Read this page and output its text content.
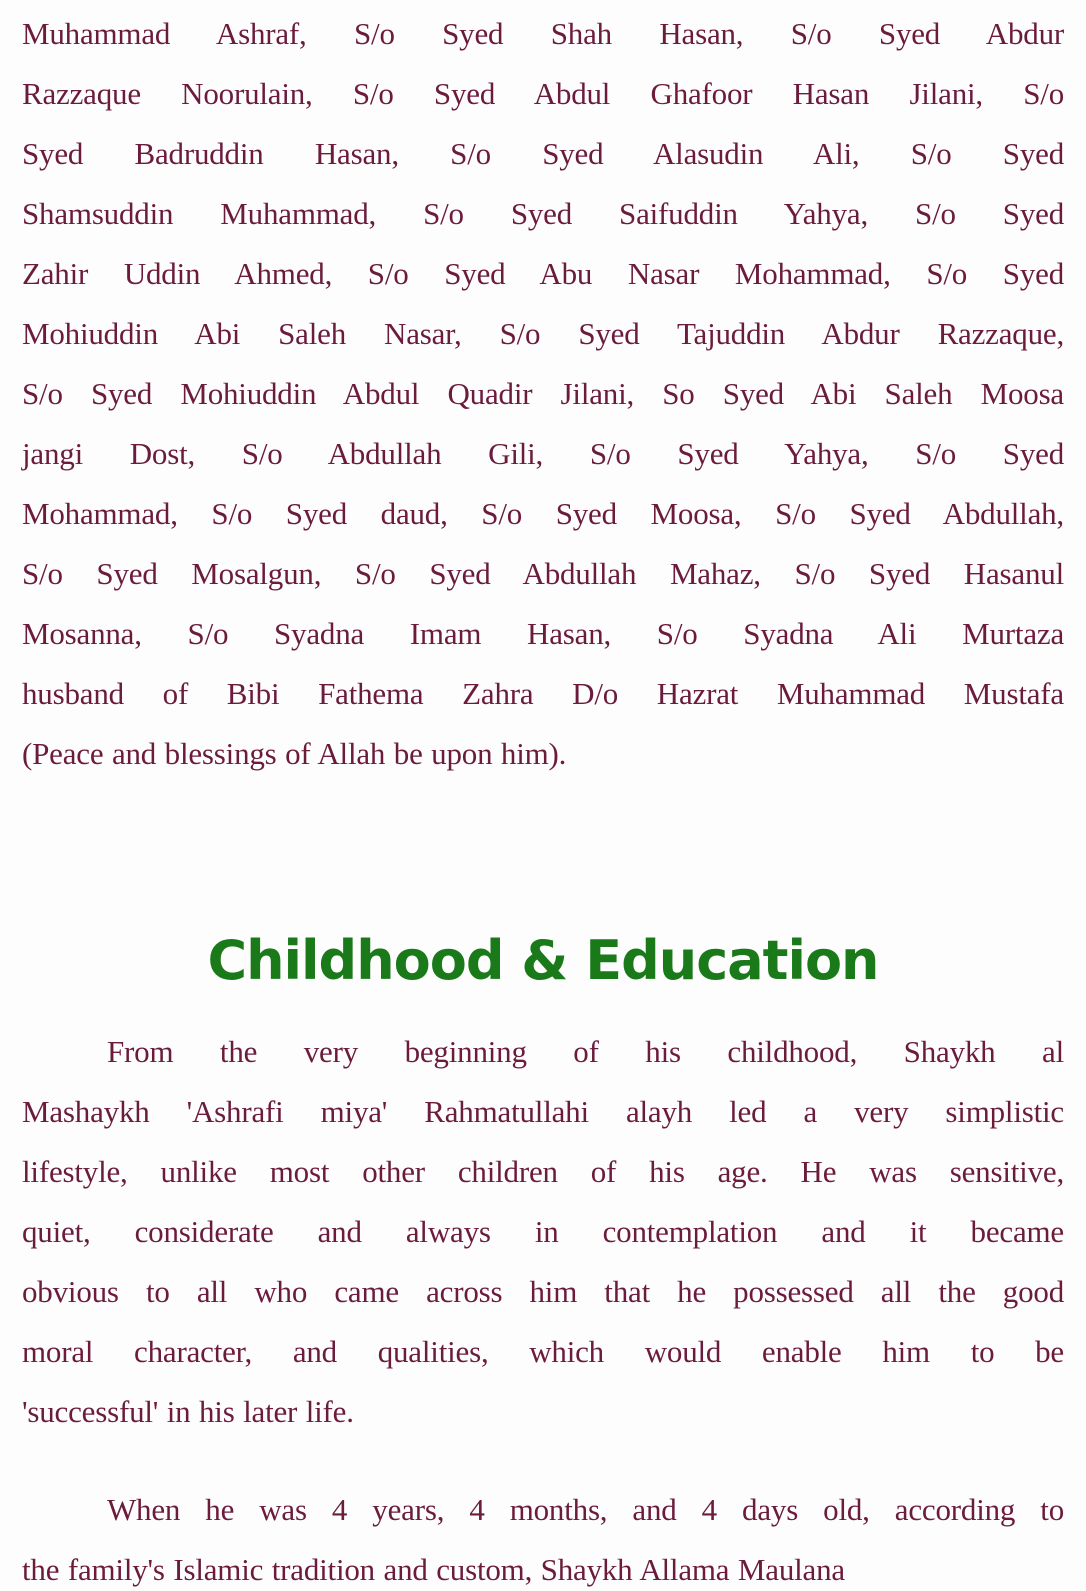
Muhammad Ashraf, S/o Syed Shah Hasan, S/o Syed Abdur
Razzaque Noorulain, S/o Syed Abdul Ghafoor Hasan Jilani, S/o
Syed Badruddin Hasan, S/o Syed Alasudin Ali, S/o Syed
Shamsuddin Muhammad, S/o Syed Saifuddin Yahya, S/o Syed
Zahir Uddin Ahmed, S/o Syed Abu Nasar Mohammad, S/o Syed
Mohiuddin Abi Saleh Nasar, S/o Syed Tajuddin Abdur Razzaque,
S/o Syed Mohiuddin Abdul Quadir Jilani, So Syed Abi Saleh Moosa
jangi Dost, S/o Abdullah Gili, S/o Syed Yahya, S/o Syed
Mohammad, S/o Syed daud, S/o Syed Moosa, S/o Syed Abdullah,
S/o Syed Mosalgun, S/o Syed Abdullah Mahaz, S/o Syed Hasanul
Mosanna, S/o Syadna Imam Hasan, S/o Syadna Ali Murtaza
husband of Bibi Fathema Zahra D/o Hazrat Muhammad Mustafa
(Peace and blessings of Allah be upon him).
Childhood & Education
From the very beginning of his childhood, Shaykh al
Mashaykh 'Ashrafi miya' Rahmatullahi alayh led a very simplistic
lifestyle, unlike most other children of his age. He was sensitive,
quiet, considerate and always in contemplation and it became
obvious to all who came across him that he possessed all the good
moral character, and qualities, which would enable him to be
'successful' in his later life.
When he was 4 years, 4 months, and 4 days old, according to
the family's Islamic tradition and custom, Shaykh Allama Maulana
